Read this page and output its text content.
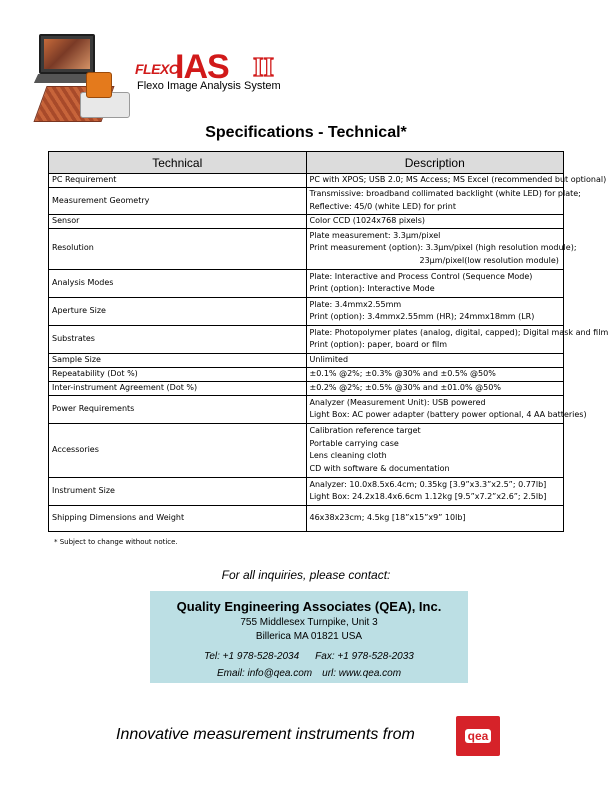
FLEXO
IAS II
Flexo Image Analysis System
Specifications - Technical*
Technical	Description
PC Requirement	PC with XPOS; USB 2.0; MS Access; MS Excel (recommended but optional)

Measurement Geometry	Transmissive: broadband collimated backlight (white LED) for plate;

Reflective: 45/0 (white LED) for print

Sensor	Color CCD (1024x768 pixels)

Resolution	Plate measurement: 3.3µm/pixel

Print measurement (option): 3.3µm/pixel (high resolution module);

23µm/pixel(low resolution module)

Analysis Modes	Plate: Interactive and Process Control (Sequence Mode)

Print (option): Interactive Mode

Aperture Size	Plate: 3.4mmx2.55mm

Print (option): 3.4mmx2.55mm (HR); 24mmx18mm (LR)

Substrates	Plate: Photopolymer plates (analog, digital, capped); Digital mask and film

Print (option): paper, board or film

Sample Size	Unlimited

Repeatability (Dot %)	±0.1% @2%; ±0.3% @30% and ±0.5% @50%

Inter-instrument Agreement (Dot %)	±0.2% @2%; ±0.5% @30% and ±01.0% @50%

Power Requirements	Analyzer (Measurement Unit): USB powered

Light Box: AC power adapter (battery power optional, 4 AA batteries)

Accessories	Calibration reference target

Portable carrying case

Lens cleaning cloth

CD with software & documentation

Instrument Size	Analyzer: 10.0x8.5x6.4cm; 0.35kg [3.9”x3.3”x2.5”; 0.77lb]

Light Box: 24.2x18.4x6.6cm 1.12kg [9.5”x7.2”x2.6”; 2.5lb]

Shipping Dimensions and Weight	46x38x23cm; 4.5kg [18”x15”x9” 10lb]

* Subject to change without notice.
For all inquiries, please contact:
Quality Engineering Associates (QEA), Inc.
755 Middlesex Turnpike, Unit 3
Billerica MA 01821 USA
Tel: +1 978-528-2034 Fax: +1 978-528-2033
Email: info@qea.com url: www.qea.com
Innovative measurement instruments from	qea
